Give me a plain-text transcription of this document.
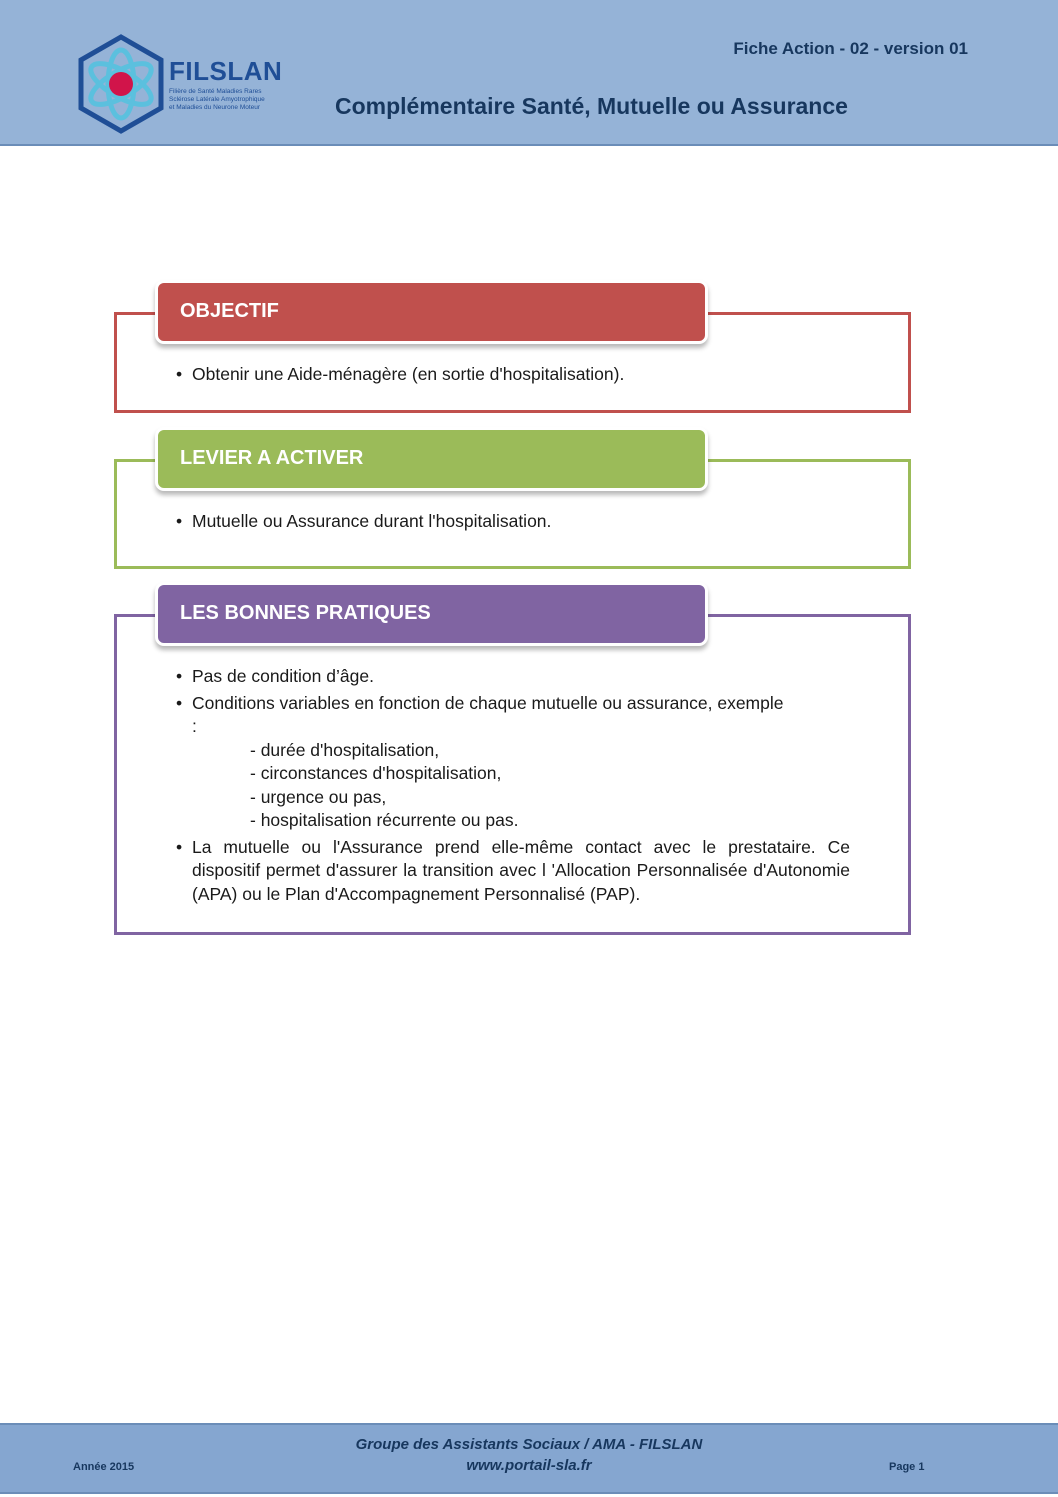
FILSLAN
Filière de Santé Maladies Rares
Sclérose Latérale Amyotrophique
et Maladies du Neurone Moteur
Fiche Action - 02 - version 01
Complémentaire Santé, Mutuelle ou Assurance
OBJECTIF
• Obtenir une Aide-ménagère (en sortie d'hospitalisation).
LEVIER A ACTIVER
• Mutuelle ou Assurance durant l'hospitalisation.
LES BONNES PRATIQUES
• Pas de condition d’âge.
• Conditions variables en fonction de chaque mutuelle ou assurance, exemple :
- durée d'hospitalisation,
- circonstances d'hospitalisation,
- urgence ou pas,
- hospitalisation récurrente ou pas.
• La mutuelle ou l'Assurance prend elle-même contact avec le prestataire. Ce dispositif permet d'assurer la transition avec l 'Allocation Personnalisée d'Autonomie (APA) ou le Plan d'Accompagnement Personnalisé (PAP).
Groupe des Assistants Sociaux / AMA - FILSLAN
www.portail-sla.fr
Année 2015	Page 1
